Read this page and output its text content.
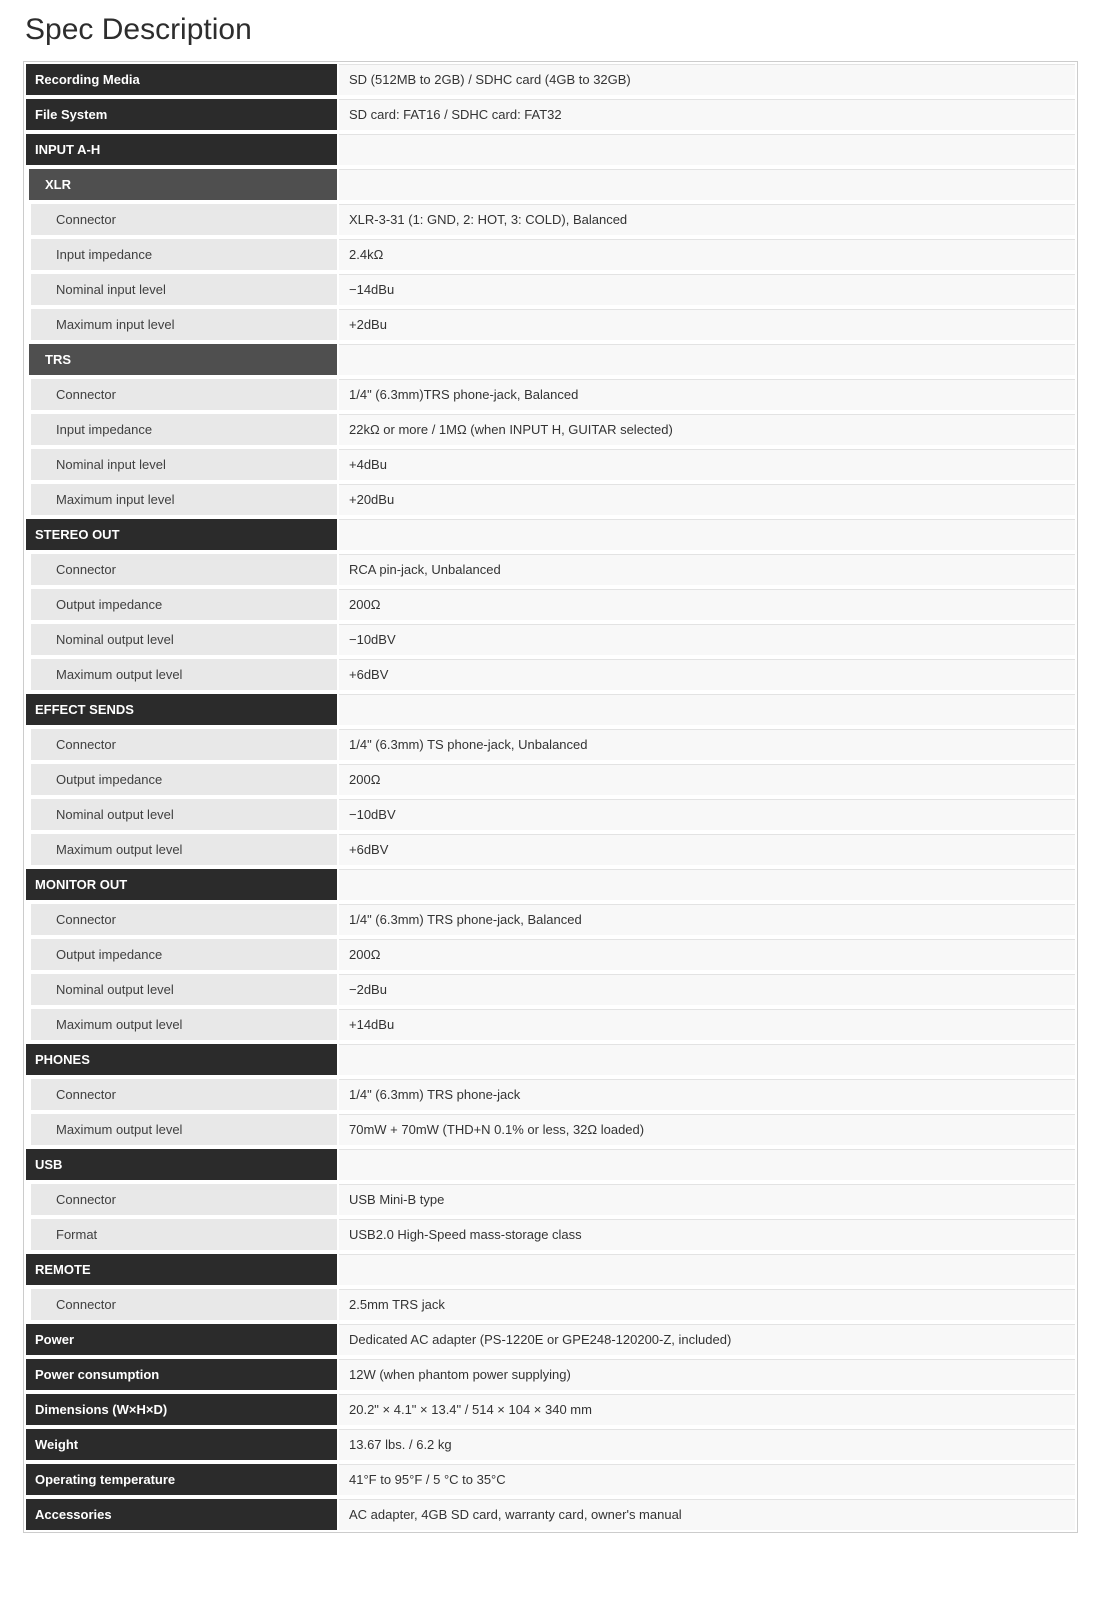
Spec Description
Recording Media	SD (512MB to 2GB) / SDHC card (4GB to 32GB)
File System	SD card: FAT16 / SDHC card: FAT32
INPUT A-H
XLR
Connector	XLR-3-31 (1: GND, 2: HOT, 3: COLD), Balanced
Input impedance	2.4kΩ
Nominal input level	−14dBu
Maximum input level	+2dBu
TRS
Connector	1/4" (6.3mm)TRS phone-jack, Balanced
Input impedance	22kΩ or more / 1MΩ (when INPUT H, GUITAR selected)
Nominal input level	+4dBu
Maximum input level	+20dBu
STEREO OUT
Connector	RCA pin-jack, Unbalanced
Output impedance	200Ω
Nominal output level	−10dBV
Maximum output level	+6dBV
EFFECT SENDS
Connector	1/4" (6.3mm) TS phone-jack, Unbalanced
Output impedance	200Ω
Nominal output level	−10dBV
Maximum output level	+6dBV
MONITOR OUT
Connector	1/4" (6.3mm) TRS phone-jack, Balanced
Output impedance	200Ω
Nominal output level	−2dBu
Maximum output level	+14dBu
PHONES
Connector	1/4" (6.3mm) TRS phone-jack
Maximum output level	70mW + 70mW (THD+N 0.1% or less, 32Ω loaded)
USB
Connector	USB Mini-B type
Format	USB2.0 High-Speed mass-storage class
REMOTE
Connector	2.5mm TRS jack
Power	Dedicated AC adapter (PS-1220E or GPE248-120200-Z, included)
Power consumption	12W (when phantom power supplying)
Dimensions (W×H×D)	20.2" × 4.1" × 13.4" / 514 × 104 × 340 mm
Weight	13.67 lbs. / 6.2 kg
Operating temperature	41°F to 95°F / 5 °C to 35°C
Accessories	AC adapter, 4GB SD card, warranty card, owner's manual
